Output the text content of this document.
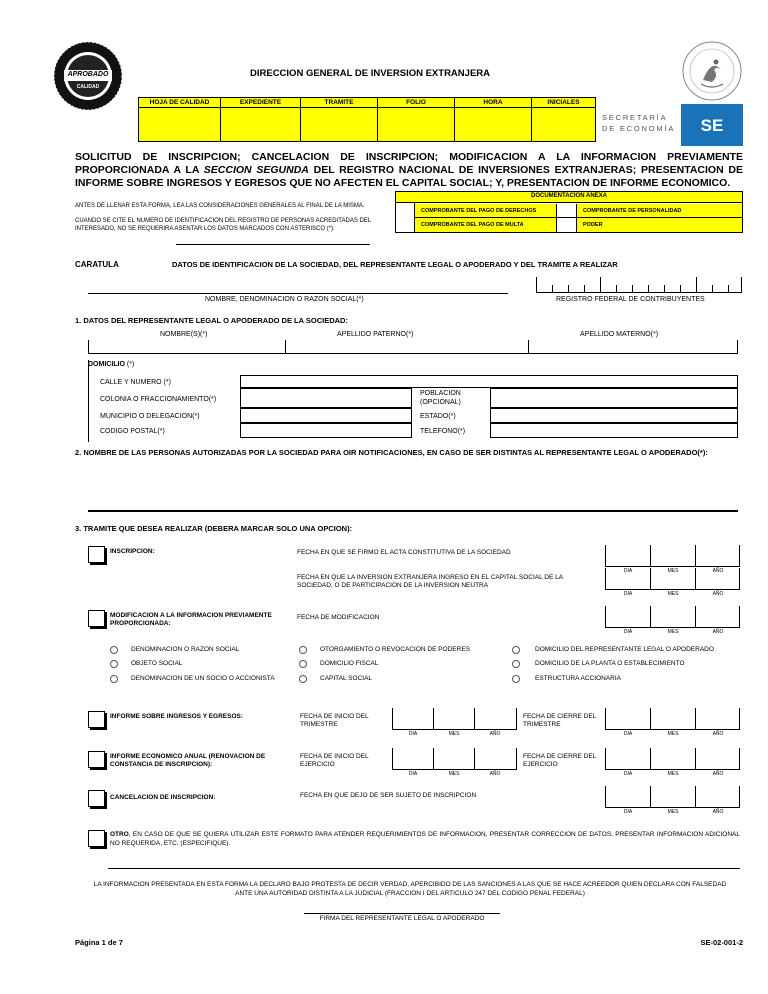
APROBADO
CALIDAD
DIRECCION GENERAL DE INVERSION EXTRANJERA
HOJA DE CALIDAD	EXPEDIENTE	TRAMITE	FOLIO	HORA	INICIALES
SECRETARÍA
DE ECONOMÍA	SE
SOLICITUD DE INSCRIPCION; CANCELACION DE INSCRIPCION; MODIFICACION A LA INFORMACION PREVIAMENTE PROPORCIONADA A LA SECCION SEGUNDA DEL REGISTRO NACIONAL DE INVERSIONES EXTRANJERAS; PRESENTACION DE INFORME SOBRE INGRESOS Y EGRESOS QUE NO AFECTEN EL CAPITAL SOCIAL; Y, PRESENTACION DE INFORME ECONOMICO.
ANTES DE LLENAR ESTA FORMA, LEA LAS CONSIDERACIONES GENERALES AL FINAL DE LA MISMA.
CUANDO SE CITE EL NUMERO DE IDENTIFICACION DEL REGISTRO DE PERSONAS ACREDITADAS DEL INTERESADO, NO SE REQUERIRA ASENTAR LOS DATOS MARCADOS CON ASTERISCO (*):
DOCUMENTACION ANEXA
COMPROBANTE DEL PAGO DE DERECHOS	COMPROBANTE DE PERSONALIDAD
COMPROBANTE DEL PAGO DE MULTA	PODER
CARATULA	DATOS DE IDENTIFICACION DE LA SOCIEDAD, DEL REPRESENTANTE LEGAL O APODERADO Y DEL TRAMITE A REALIZAR
NOMBRE, DENOMINACION O RAZON SOCIAL(*)	REGISTRO FEDERAL DE CONTRIBUYENTES
1. DATOS DEL REPRESENTANTE LEGAL O APODERADO DE LA SOCIEDAD:
NOMBRE(S)(*)	APELLIDO PATERNO(*)	APELLIDO MATERNO(*)
DOMICILIO (*)
CALLE Y NUMERO (*)
COLONIA O FRACCIONAMIENTO(*)
POBLACION (OPCIONAL)
MUNICIPIO O DELEGACION(*)	ESTADO(*)
CODIGO POSTAL(*)	TELEFONO(*)
2. NOMBRE DE LAS PERSONAS AUTORIZADAS POR LA SOCIEDAD PARA OIR NOTIFICACIONES, EN CASO DE SER DISTINTAS AL REPRESENTANTE LEGAL O APODERADO(*):
3. TRAMITE QUE DESEA REALIZAR (DEBERA MARCAR SOLO UNA OPCION):
INSCRIPCION:	FECHA EN QUE SE FIRMO EL ACTA CONSTITUTIVA DE LA SOCIEDAD
DIA	MES	AÑO
FECHA EN QUE LA INVERSION EXTRANJERA INGRESO EN EL CAPITAL SOCIAL DE LA SOCIEDAD, O DE PARTICIPACION DE LA INVERSION NEUTRA
DIA	MES	AÑO
MODIFICACION A LA INFORMACION PREVIAMENTE PROPORCIONADA:
FECHA DE MODIFICACION
DIA	MES	AÑO
DENOMINACION O RAZON SOCIAL	OTORGAMIENTO O REVOCACION DE PODERES	DOMICILIO DEL REPRESENTANTE LEGAL O APODERADO
OBJETO SOCIAL	DOMICILIO FISCAL	DOMICILIO DE LA PLANTA O ESTABLECIMIENTO
DENOMINACION DE UN SOCIO O ACCIONISTA	CAPITAL SOCIAL	ESTRUCTURA ACCIONARIA
INFORME SOBRE INGRESOS Y EGRESOS:	FECHA DE INICIO DEL TRIMESTRE
DIA	MES	AÑO
FECHA DE CIERRE DEL TRIMESTRE
DIA	MES	AÑO
INFORME ECONOMICO ANUAL (RENOVACION DE CONSTANCIA DE INSCRIPCION):
FECHA DE INICIO DEL EJERCICIO
DIA	MES	AÑO
FECHA DE CIERRE DEL EJERCICIO
DIA	MES	AÑO
CANCELACION DE INSCRIPCION:	FECHA EN QUE DEJO DE SER SUJETO DE INSCRIPCION
DIA	MES	AÑO
OTRO, EN CASO DE QUE SE QUIERA UTILIZAR ESTE FORMATO PARA ATENDER REQUERIMIENTOS DE INFORMACION, PRESENTAR CORRECCION DE DATOS, PRESENTAR INFORMACION ADICIONAL NO REQUERIDA, ETC. (ESPECIFIQUE).
LA INFORMACION PRESENTADA EN ESTA FORMA LA DECLARO BAJO PROTESTA DE DECIR VERDAD, APERCIBIDO DE LAS SANCIONES A LAS QUE SE HACE ACREEDOR QUIEN DECLARA CON FALSEDAD ANTE UNA AUTORIDAD DISTINTA A LA JUDICIAL (FRACCION I DEL ARTICULO 247 DEL CODIGO PENAL FEDERAL)
FIRMA DEL REPRESENTANTE LEGAL O APODERADO
Página 1 de 7	SE-02-001-2
